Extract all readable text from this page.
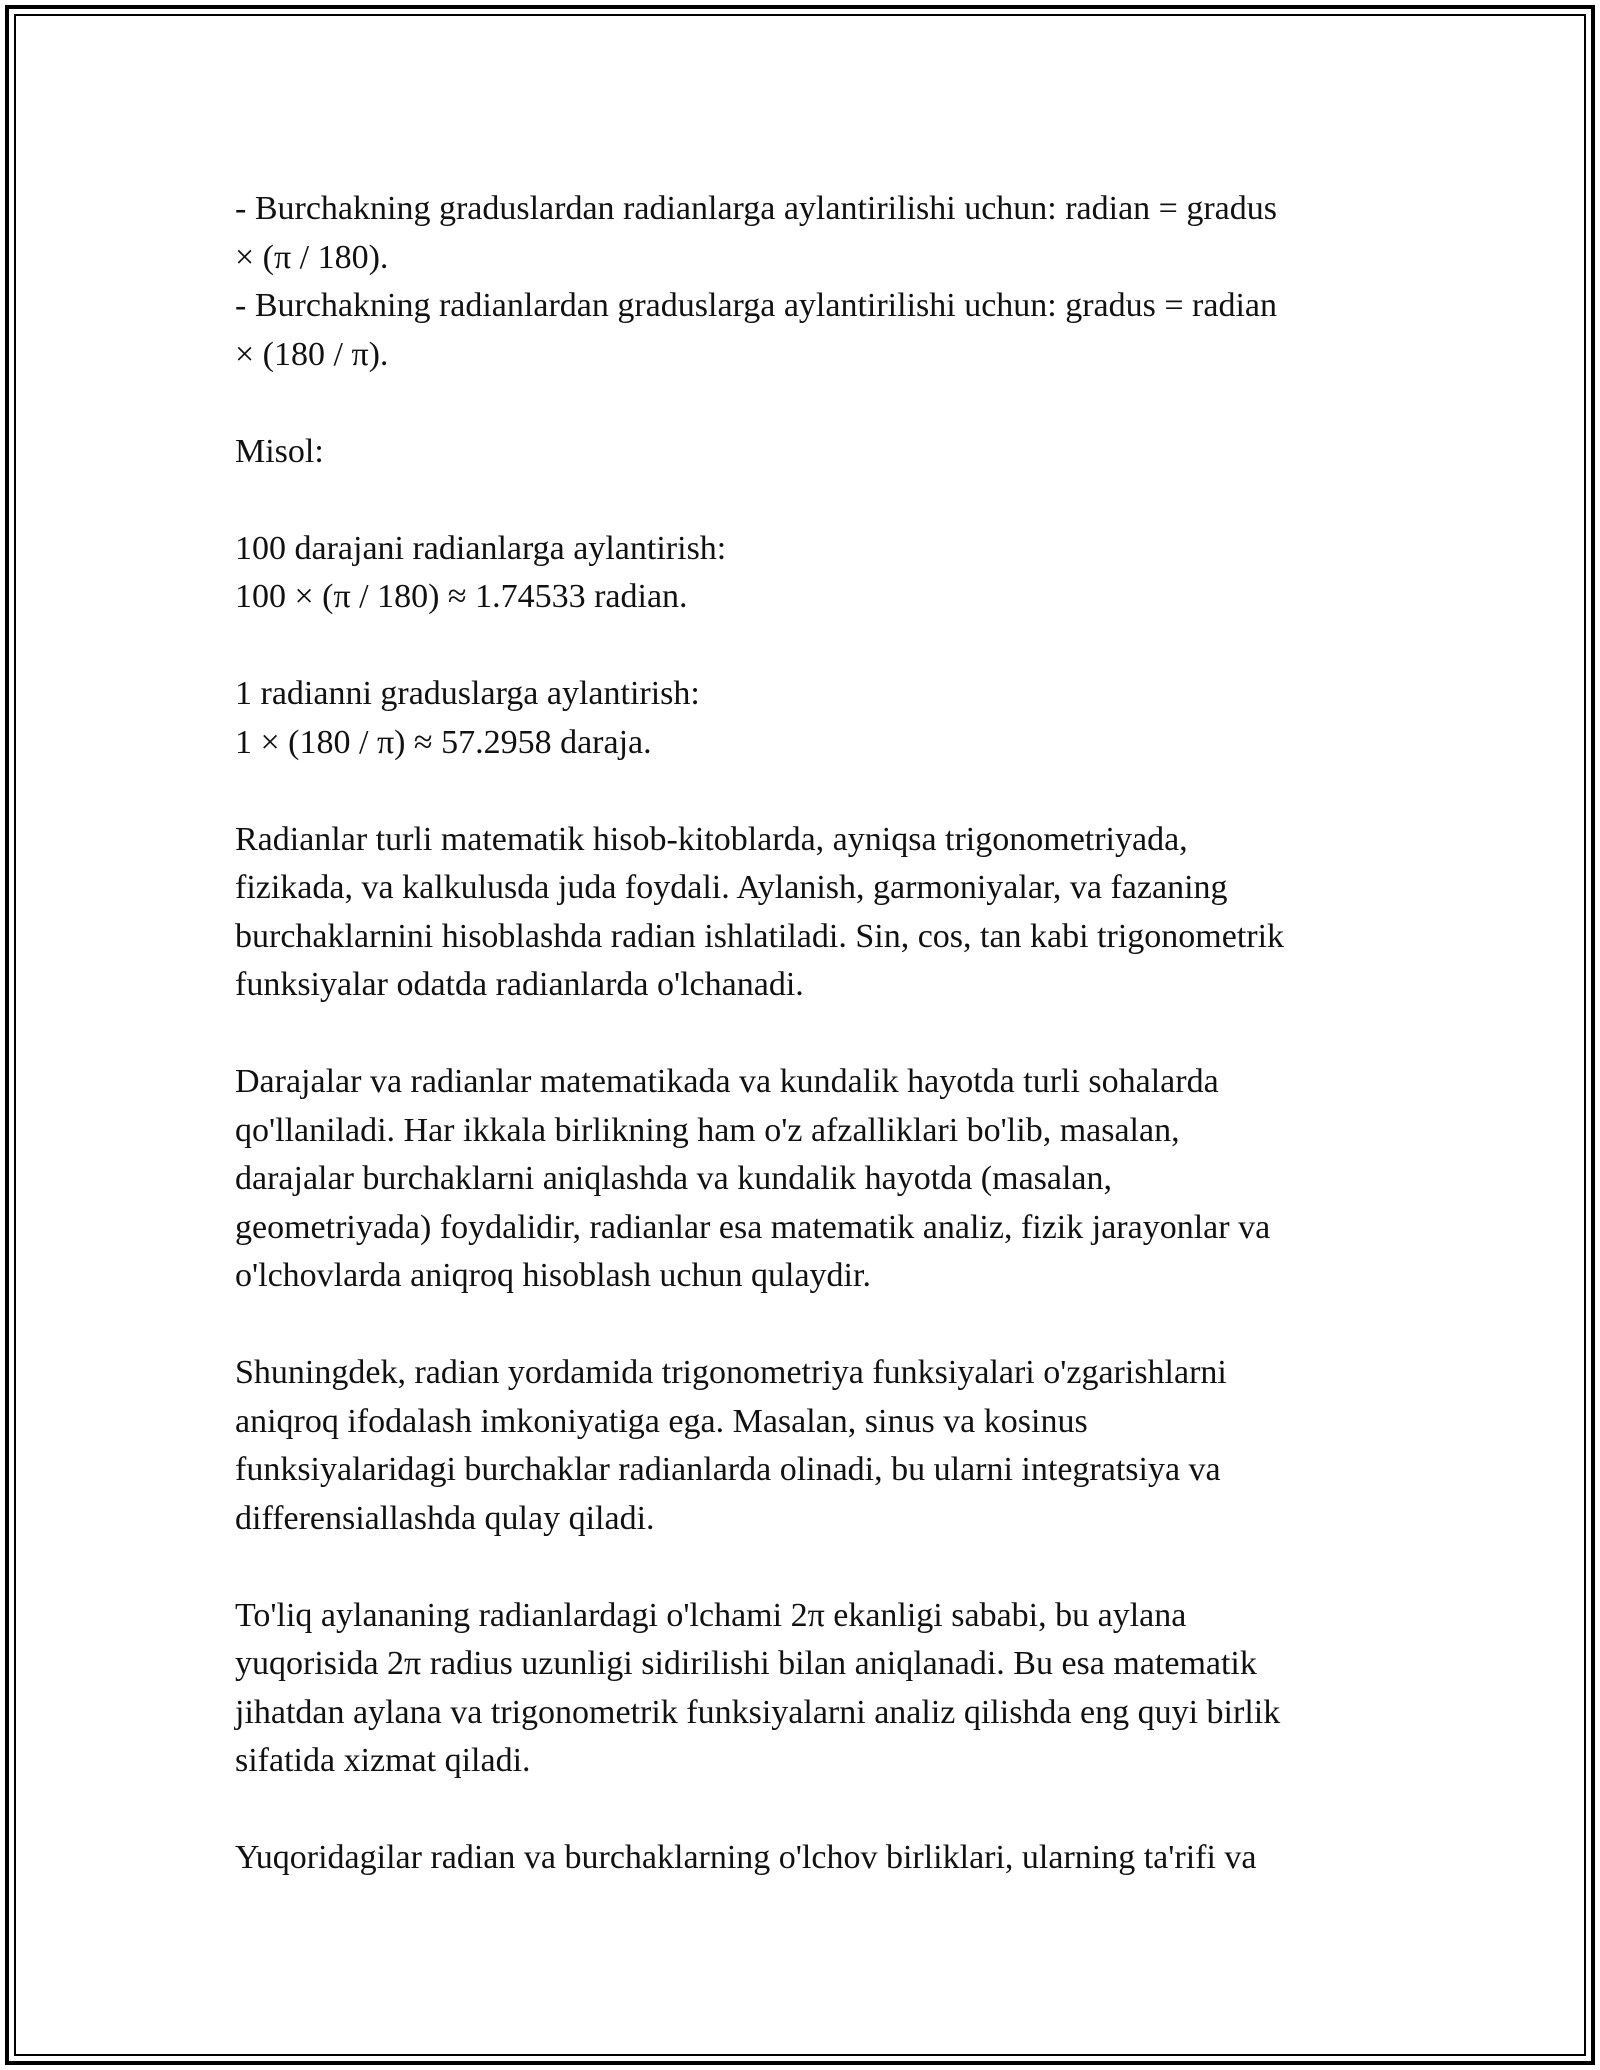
- Burchakning graduslardan radianlarga aylantirilishi uchun: radian = gradus
× (π / 180).
- Burchakning radianlardan graduslarga aylantirilishi uchun: gradus = radian
× (180 / π).

Misol:

100 darajani radianlarga aylantirish:
100 × (π / 180) ≈ 1.74533 radian.

1 radianni graduslarga aylantirish:
1 × (180 / π) ≈ 57.2958 daraja.

Radianlar turli matematik hisob-kitoblarda, ayniqsa trigonometriyada,
fizikada, va kalkulusda juda foydali. Aylanish, garmoniyalar, va fazaning
burchaklarnini hisoblashda radian ishlatiladi. Sin, cos, tan kabi trigonometrik
funksiyalar odatda radianlarda o'lchanadi.

Darajalar va radianlar matematikada va kundalik hayotda turli sohalarda
qo'llaniladi. Har ikkala birlikning ham o'z afzalliklari bo'lib, masalan,
darajalar burchaklarni aniqlashda va kundalik hayotda (masalan,
geometriyada) foydalidir, radianlar esa matematik analiz, fizik jarayonlar va
o'lchovlarda aniqroq hisoblash uchun qulaydir.

Shuningdek, radian yordamida trigonometriya funksiyalari o'zgarishlarni
aniqroq ifodalash imkoniyatiga ega. Masalan, sinus va kosinus
funksiyalaridagi burchaklar radianlarda olinadi, bu ularni integratsiya va
differensiallashda qulay qiladi.

To'liq aylananing radianlardagi o'lchami 2π ekanligi sababi, bu aylana
yuqorisida 2π radius uzunligi sidirilishi bilan aniqlanadi. Bu esa matematik
jihatdan aylana va trigonometrik funksiyalarni analiz qilishda eng quyi birlik
sifatida xizmat qiladi.

Yuqoridagilar radian va burchaklarning o'lchov birliklari, ularning ta'rifi va
